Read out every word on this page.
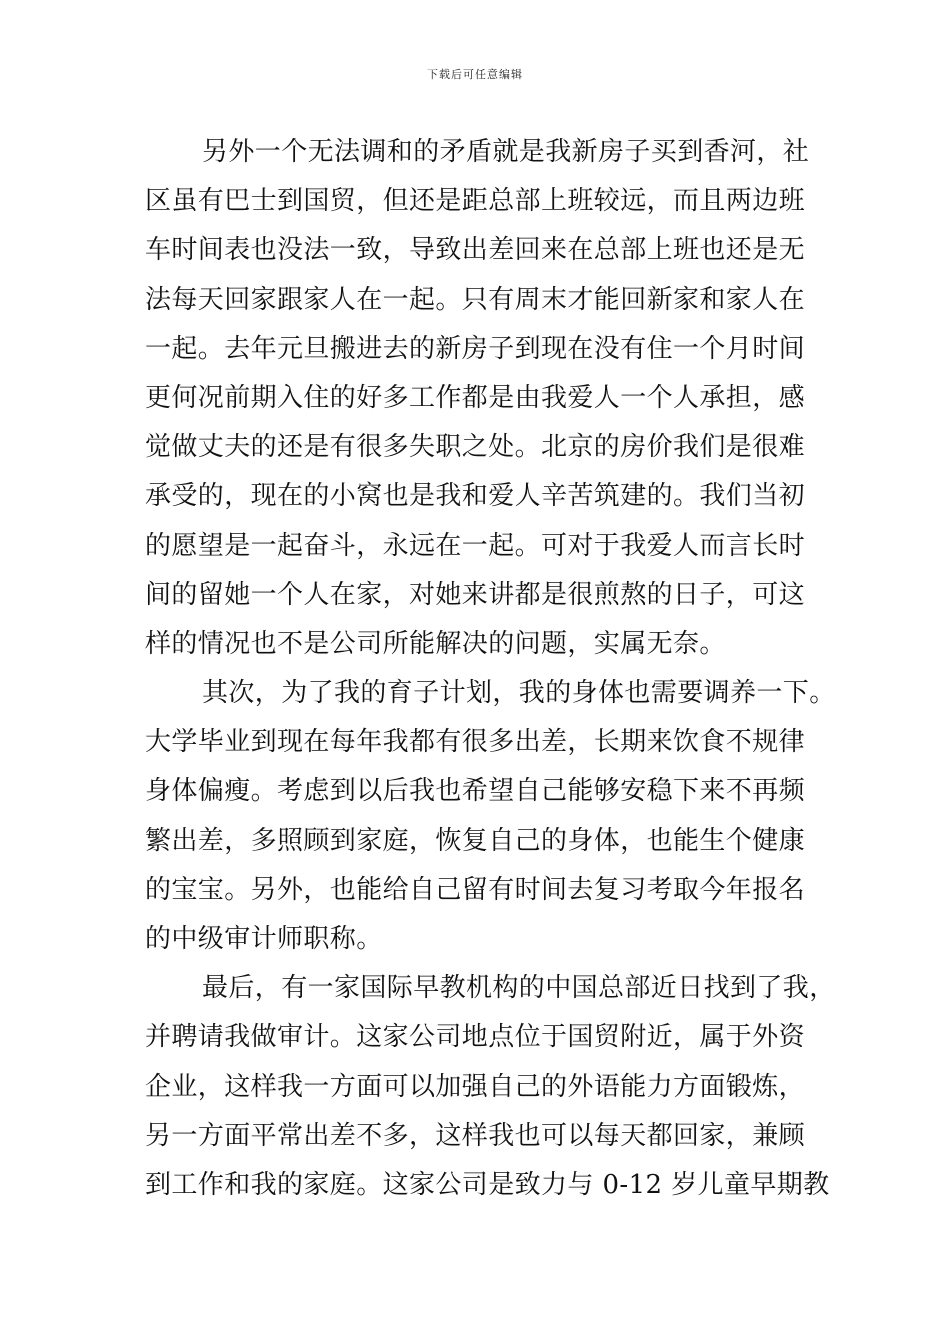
下载后可任意编辑
另外一个无法调和的矛盾就是我新房子买到香河，社
区虽有巴士到国贸，但还是距总部上班较远，而且两边班
车时间表也没法一致，导致出差回来在总部上班也还是无
法每天回家跟家人在一起。只有周末才能回新家和家人在
一起。去年元旦搬进去的新房子到现在没有住一个月时间
更何况前期入住的好多工作都是由我爱人一个人承担，感
觉做丈夫的还是有很多失职之处。北京的房价我们是很难
承受的，现在的小窝也是我和爱人辛苦筑建的。我们当初
的愿望是一起奋斗，永远在一起。可对于我爱人而言长时
间的留她一个人在家，对她来讲都是很煎熬的日子，可这
样的情况也不是公司所能解决的问题，实属无奈。
其次，为了我的育子计划，我的身体也需要调养一下。
大学毕业到现在每年我都有很多出差，长期来饮食不规律
身体偏瘦。考虑到以后我也希望自己能够安稳下来不再频
繁出差，多照顾到家庭，恢复自己的身体，也能生个健康
的宝宝。另外，也能给自己留有时间去复习考取今年报名
的中级审计师职称。
最后，有一家国际早教机构的中国总部近日找到了我，
并聘请我做审计。这家公司地点位于国贸附近，属于外资
企业，这样我一方面可以加强自己的外语能力方面锻炼，
另一方面平常出差不多，这样我也可以每天都回家，兼顾
到工作和我的家庭。这家公司是致力与 0-12 岁儿童早期教
